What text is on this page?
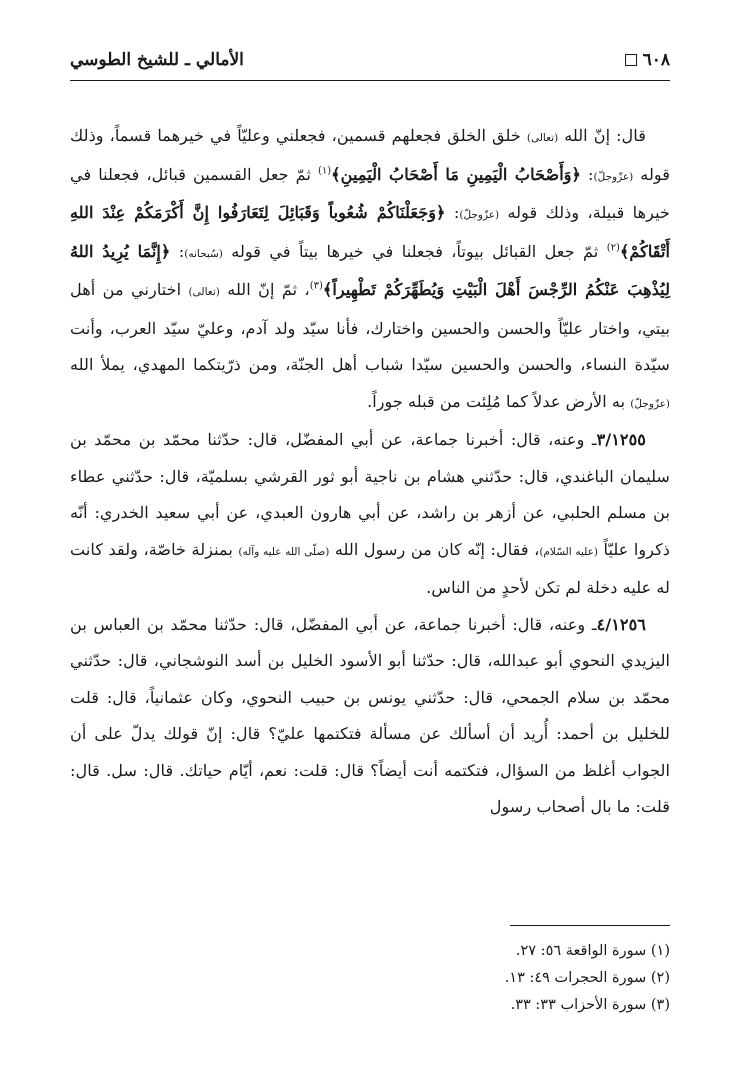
٦٠٨
الأمالي ـ للشيخ الطوسي

قال: إنّ الله (تعالى) خلق الخلق فجعلهم قسمين، فجعلني وعليّاً في خيرهما قسماً، وذلك قوله (عزّوجلّ): ﴿وَأَصْحَابُ الْيَمِينِ مَا أَصْحَابُ الْيَمِينِ﴾$^{(١)}$ ثمّ جعل القسمين قبائل، فجعلنا في خيرها قبيلة، وذلك قوله (عزّوجلّ): ﴿وَجَعَلْنَاكُمْ شُعُوباً وَقَبَائِلَ لِتَعَارَفُوا إِنَّ أَكْرَمَكُمْ عِنْدَ اللهِ أَتْقَاكُمْ﴾$^{(٢)}$ ثمّ جعل القبائل بيوتاً، فجعلنا في خيرها بيتاً في قوله (سُبحانه): ﴿إِنَّمَا يُرِيدُ اللهُ لِيُذْهِبَ عَنْكُمُ الرِّجْسَ أَهْلَ الْبَيْتِ وَيُطَهِّرَكُمْ تَطْهِيراً﴾$^{(٣)}$، ثمّ إنّ الله (تعالى) اختارني من أهل بيتي، واختار عليّاً والحسن والحسين واختارك، فأنا سيّد ولد آدم، وعليّ سيّد العرب، وأنت سيّدة النساء، والحسن والحسين سيّدا شباب أهل الجنّة، ومن ذرّيتكما المهدي، يملأ الله (عزّوجلّ) به الأرض عدلاً كما مُلِئت من قبله جوراً.

٣/١٢٥٥ـ وعنه، قال: أخبرنا جماعة، عن أبي المفضّل، قال: حدّثنا محمّد بن محمّد بن سليمان الباغندي، قال: حدّثني هشام بن ناجية أبو ثور القرشي بسلميّة، قال: حدّثني عطاء بن مسلم الحلبي، عن أزهر بن راشد، عن أبي هارون العبدي، عن أبي سعيد الخدري: أنّه ذكروا عليّاً (عليه السّلام)، فقال: إنّه كان من رسول الله (صلّى الله عليه وآله) بمنزلة خاصّة، ولقد كانت له عليه دخلة لم تكن لأحدٍ من الناس.

٤/١٢٥٦ـ وعنه، قال: أخبرنا جماعة، عن أبي المفضّل، قال: حدّثنا محمّد بن العباس بن اليزيدي النحوي أبو عبدالله، قال: حدّثنا أبو الأسود الخليل بن أسد النوشجاني، قال: حدّثني محمّد بن سلام الجمحي، قال: حدّثني يونس بن حبيب النحوي، وكان عثمانياً، قال: قلت للخليل بن أحمد: أُريد أن أسألك عن مسألة فتكتمها عليّ؟ قال: إنّ قولك يدلّ على أن الجواب أغلظ من السؤال، فتكتمه أنت أيضاً؟ قال: قلت: نعم، أيّام حياتك. قال: سل. قال: قلت: ما بال أصحاب رسول

(١) سورة الواقعة ٥٦: ٢٧.
(٢) سورة الحجرات ٤٩: ١٣.
(٣) سورة الأحزاب ٣٣: ٣٣.
